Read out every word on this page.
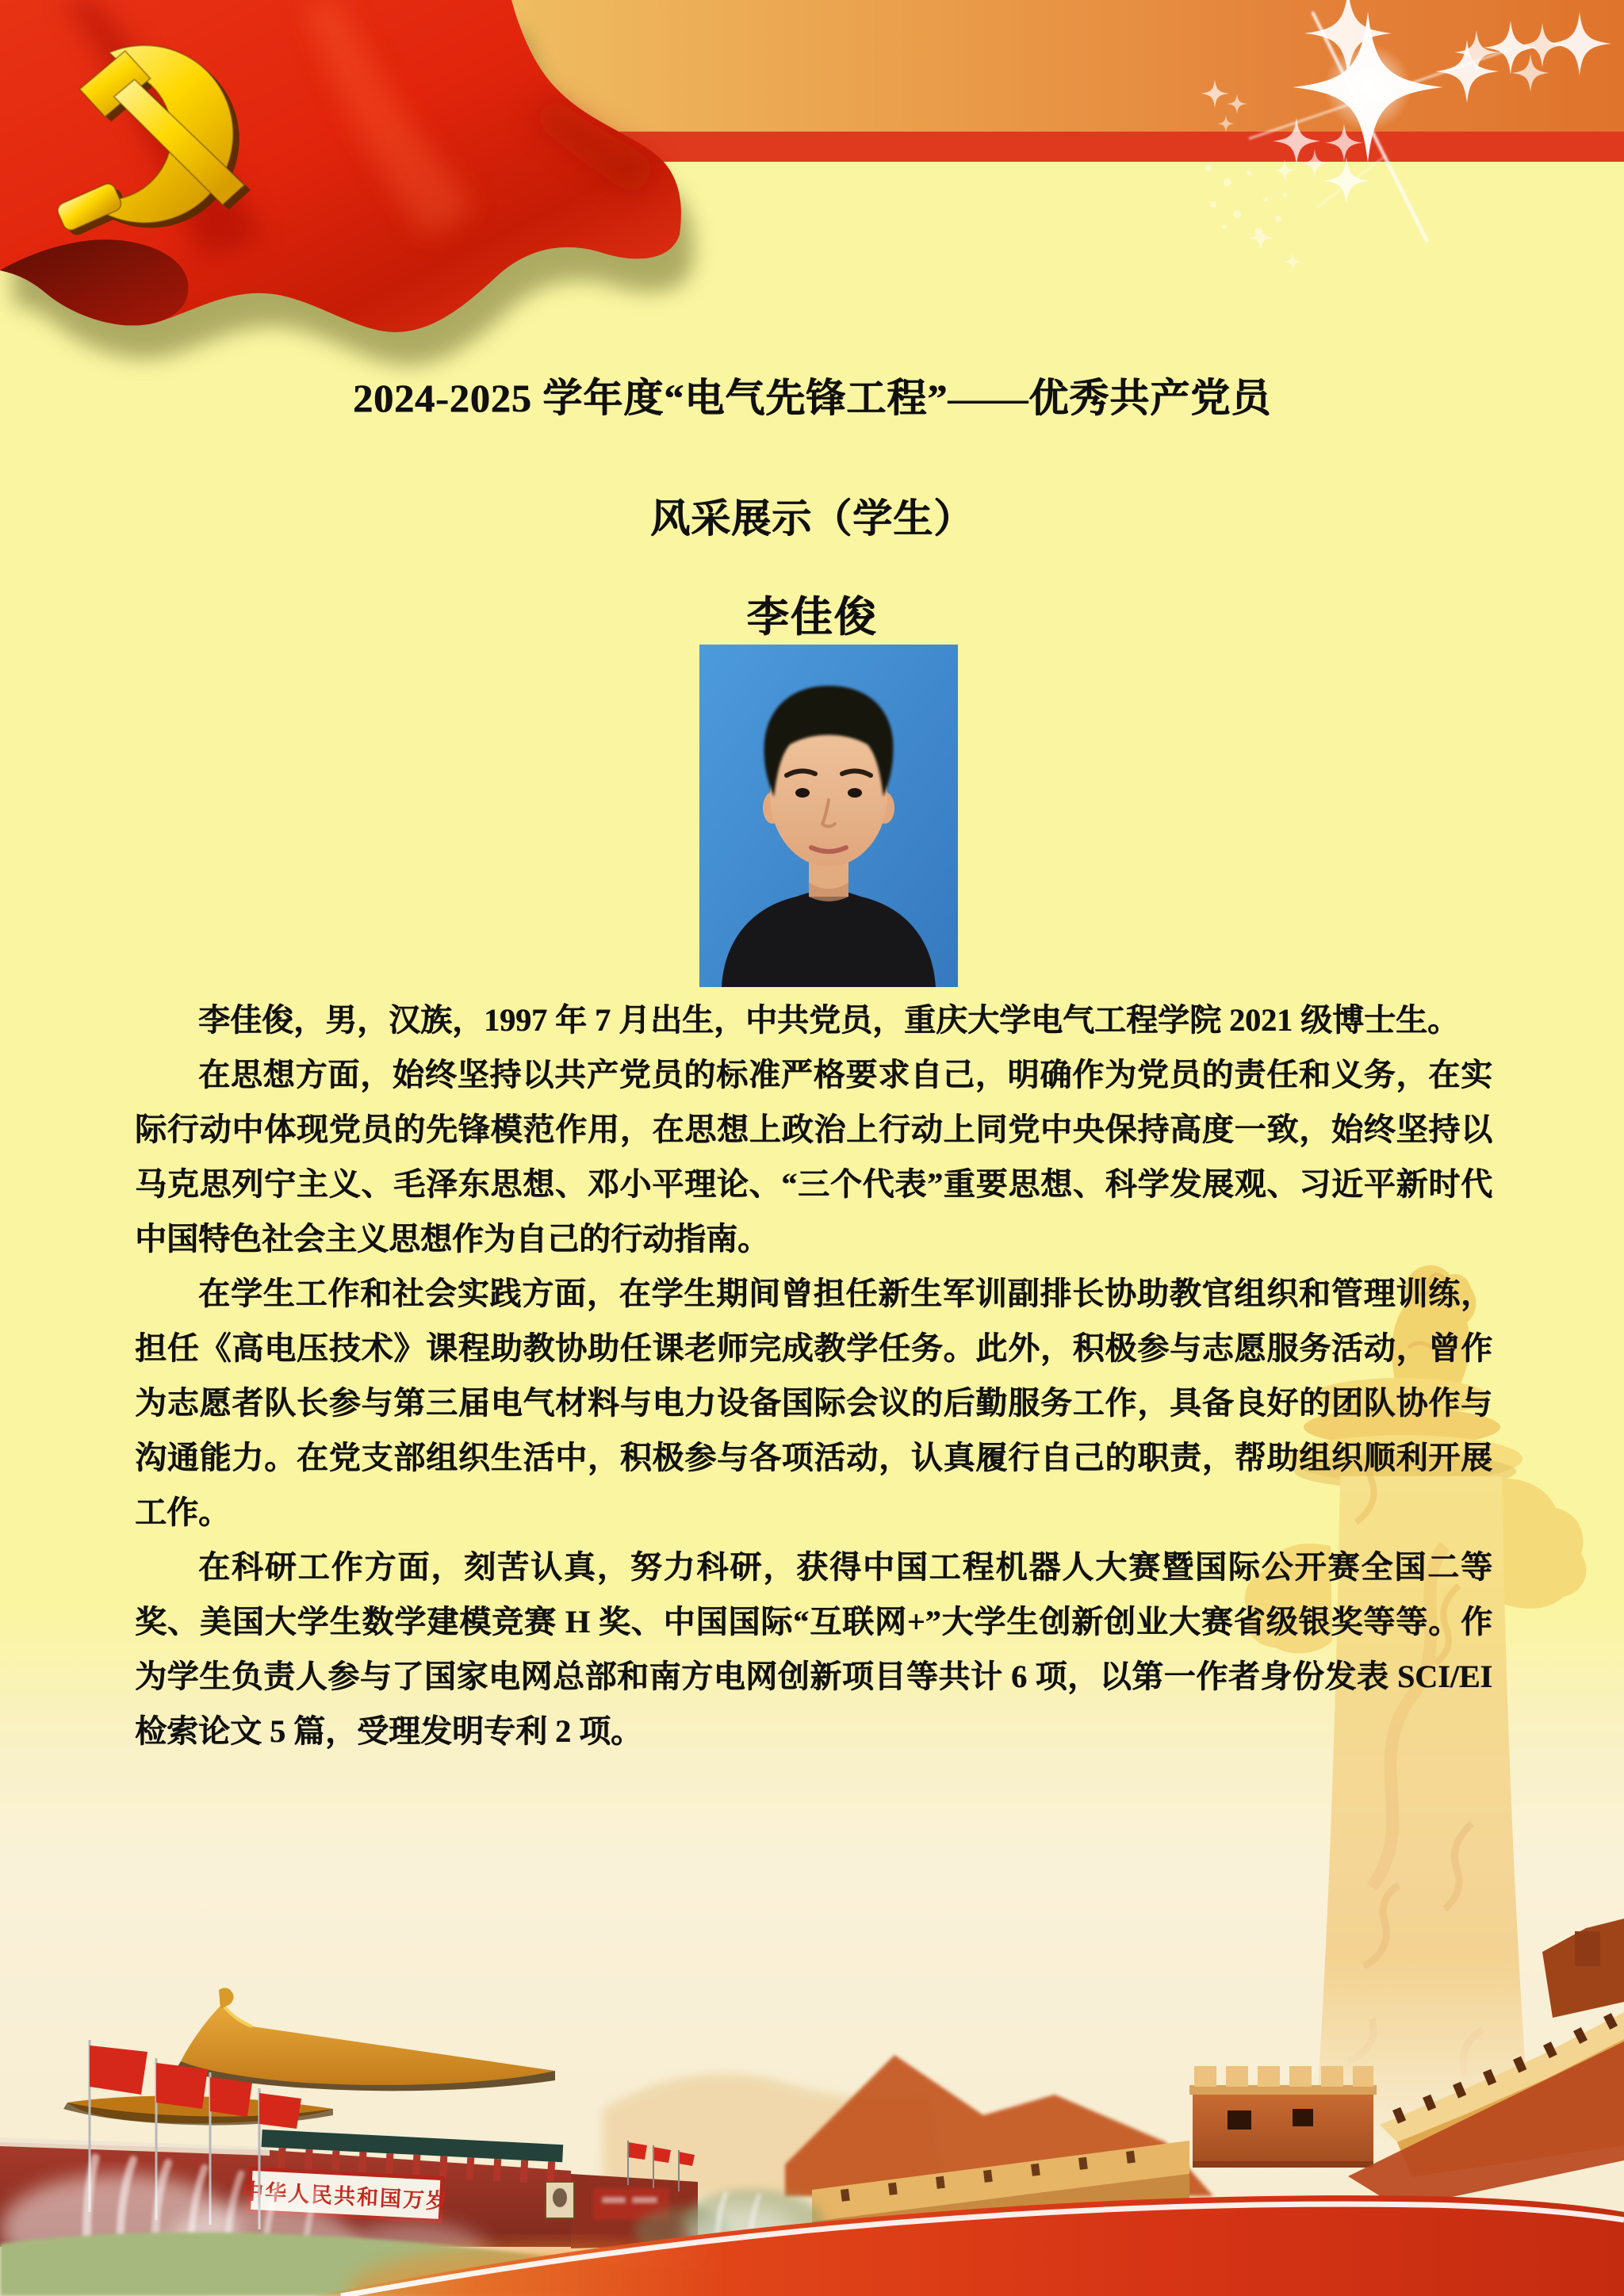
中华人民共和国万岁
2024-2025 学年度“电气先锋工程”——优秀共产党员
风采展示（学生）
李佳俊

李佳俊，男，汉族，1997 年 7 月出生，中共党员，重庆大学电气工程学院 2021 级博士生。

在思想方面，始终坚持以共产党员的标准严格要求自己，明确作为党员的责任和义务，在实际行动中体现党员的先锋模范作用，在思想上政治上行动上同党中央保持高度一致，始终坚持以马克思列宁主义、毛泽东思想、邓小平理论、“三个代表”重要思想、科学发展观、习近平新时代中国特色社会主义思想作为自己的行动指南。

在学生工作和社会实践方面，在学生期间曾担任新生军训副排长协助教官组织和管理训练，担任《高电压技术》课程助教协助任课老师完成教学任务。此外，积极参与志愿服务活动，曾作为志愿者队长参与第三届电气材料与电力设备国际会议的后勤服务工作，具备良好的团队协作与沟通能力。在党支部组织生活中，积极参与各项活动，认真履行自己的职责，帮助组织顺利开展工作。

在科研工作方面，刻苦认真，努力科研，获得中国工程机器人大赛暨国际公开赛全国二等奖、美国大学生数学建模竞赛 H 奖、中国国际“互联网+”大学生创新创业大赛省级银奖等等。作为学生负责人参与了国家电网总部和南方电网创新项目等共计 6 项，以第一作者身份发表 SCI/EI 检索论文 5 篇，受理发明专利 2 项。
